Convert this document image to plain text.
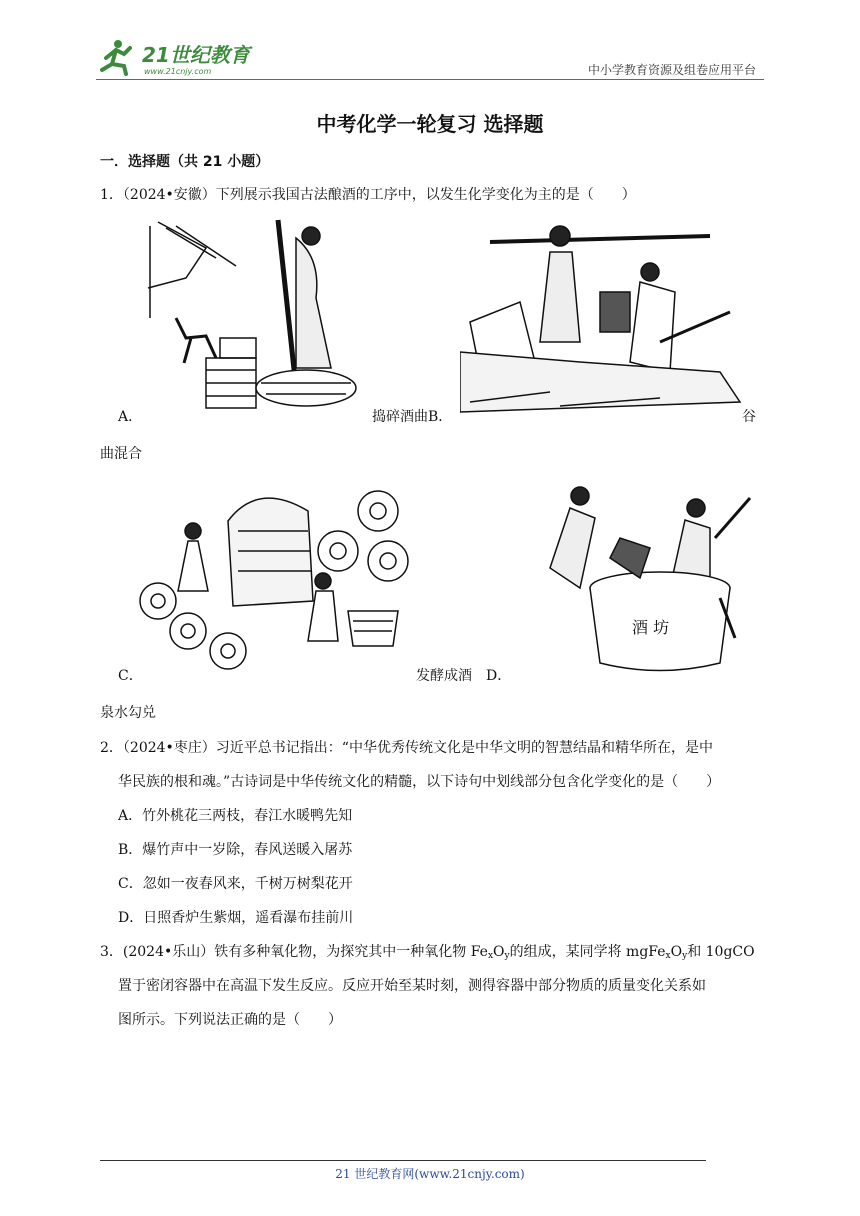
21世纪教育
www.21cnjy.com	中小学教育资源及组卷应用平台
中考化学一轮复习 选择题
一．选择题（共 21 小题）
1．（2024•安徽）下列展示我国古法酿酒的工序中，以发生化学变化为主的是（　　）
A．	捣碎酒曲B．
	谷
曲混合
C．	发酵成酒　D．
酒 坊
泉水勾兑
2．（2024•枣庄）习近平总书记指出：“中华优秀传统文化是中华文明的智慧结晶和精华所在，是中
华民族的根和魂。”古诗词是中华传统文化的精髓，以下诗句中划线部分包含化学变化的是（　　）
A．竹外桃花三两枝，春江水暖鸭先知
B．爆竹声中一岁除，春风送暖入屠苏
C．忽如一夜春风来，千树万树梨花开
D．日照香炉生紫烟，遥看瀑布挂前川
3．(2024•乐山）铁有多种氧化物，为探究其中一种氧化物 $Fe_xO_y$的组成，某同学将 $mgFe_xO_y$和 10gCO
置于密闭容器中在高温下发生反应。反应开始至某时刻，测得容器中部分物质的质量变化关系如
图所示。下列说法正确的是（　　）
21 世纪教育网(www.21cnjy.com)
